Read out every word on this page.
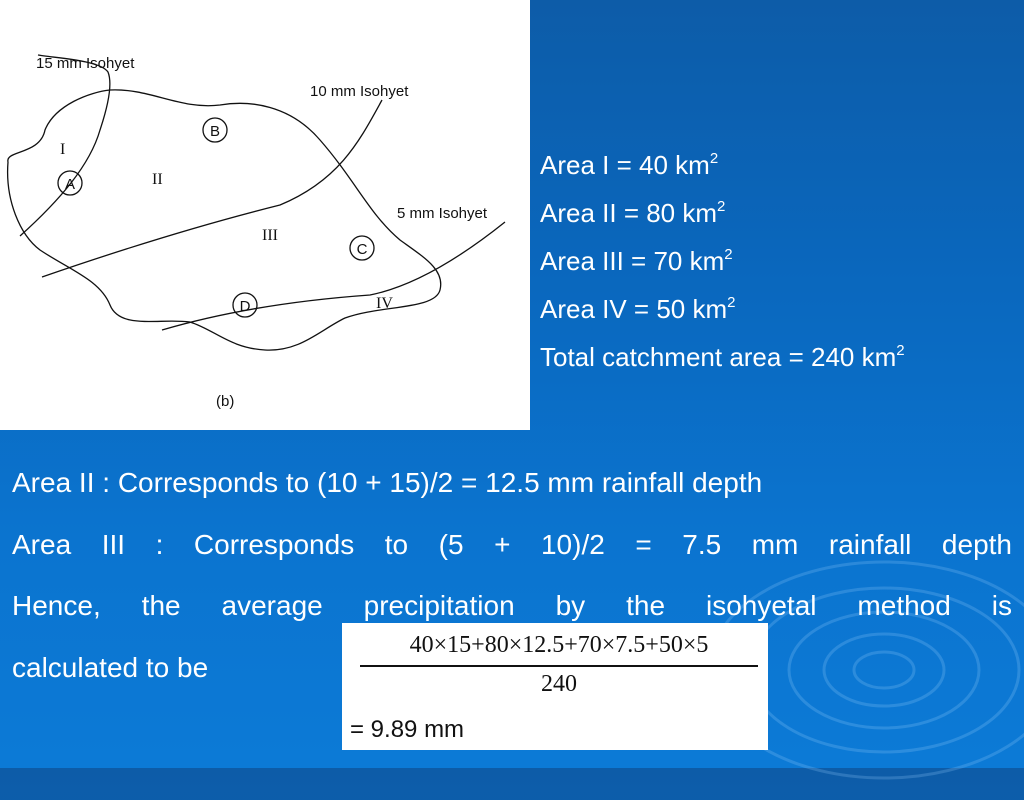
15 mm Isohyet
10 mm Isohyet
5 mm Isohyet
I
II
III
IV
A
B
C
D
(b)
Area I = 40 $km^2$
Area II = 80 $km^2$
Area III = 70 $km^2$
Area IV = 50 $km^2$
Total catchment area = 240 $km^2$

Area II : Corresponds to (10 + 15)/2 = 12.5 mm rainfall depth

Area III : Corresponds to (5 + 10)/2 = 7.5 mm rainfall depth

Hence, the average precipitation by the isohyetal method is

calculated to be

40×15+80×12.5+70×7.5+50×5
240
= 9.89 mm
